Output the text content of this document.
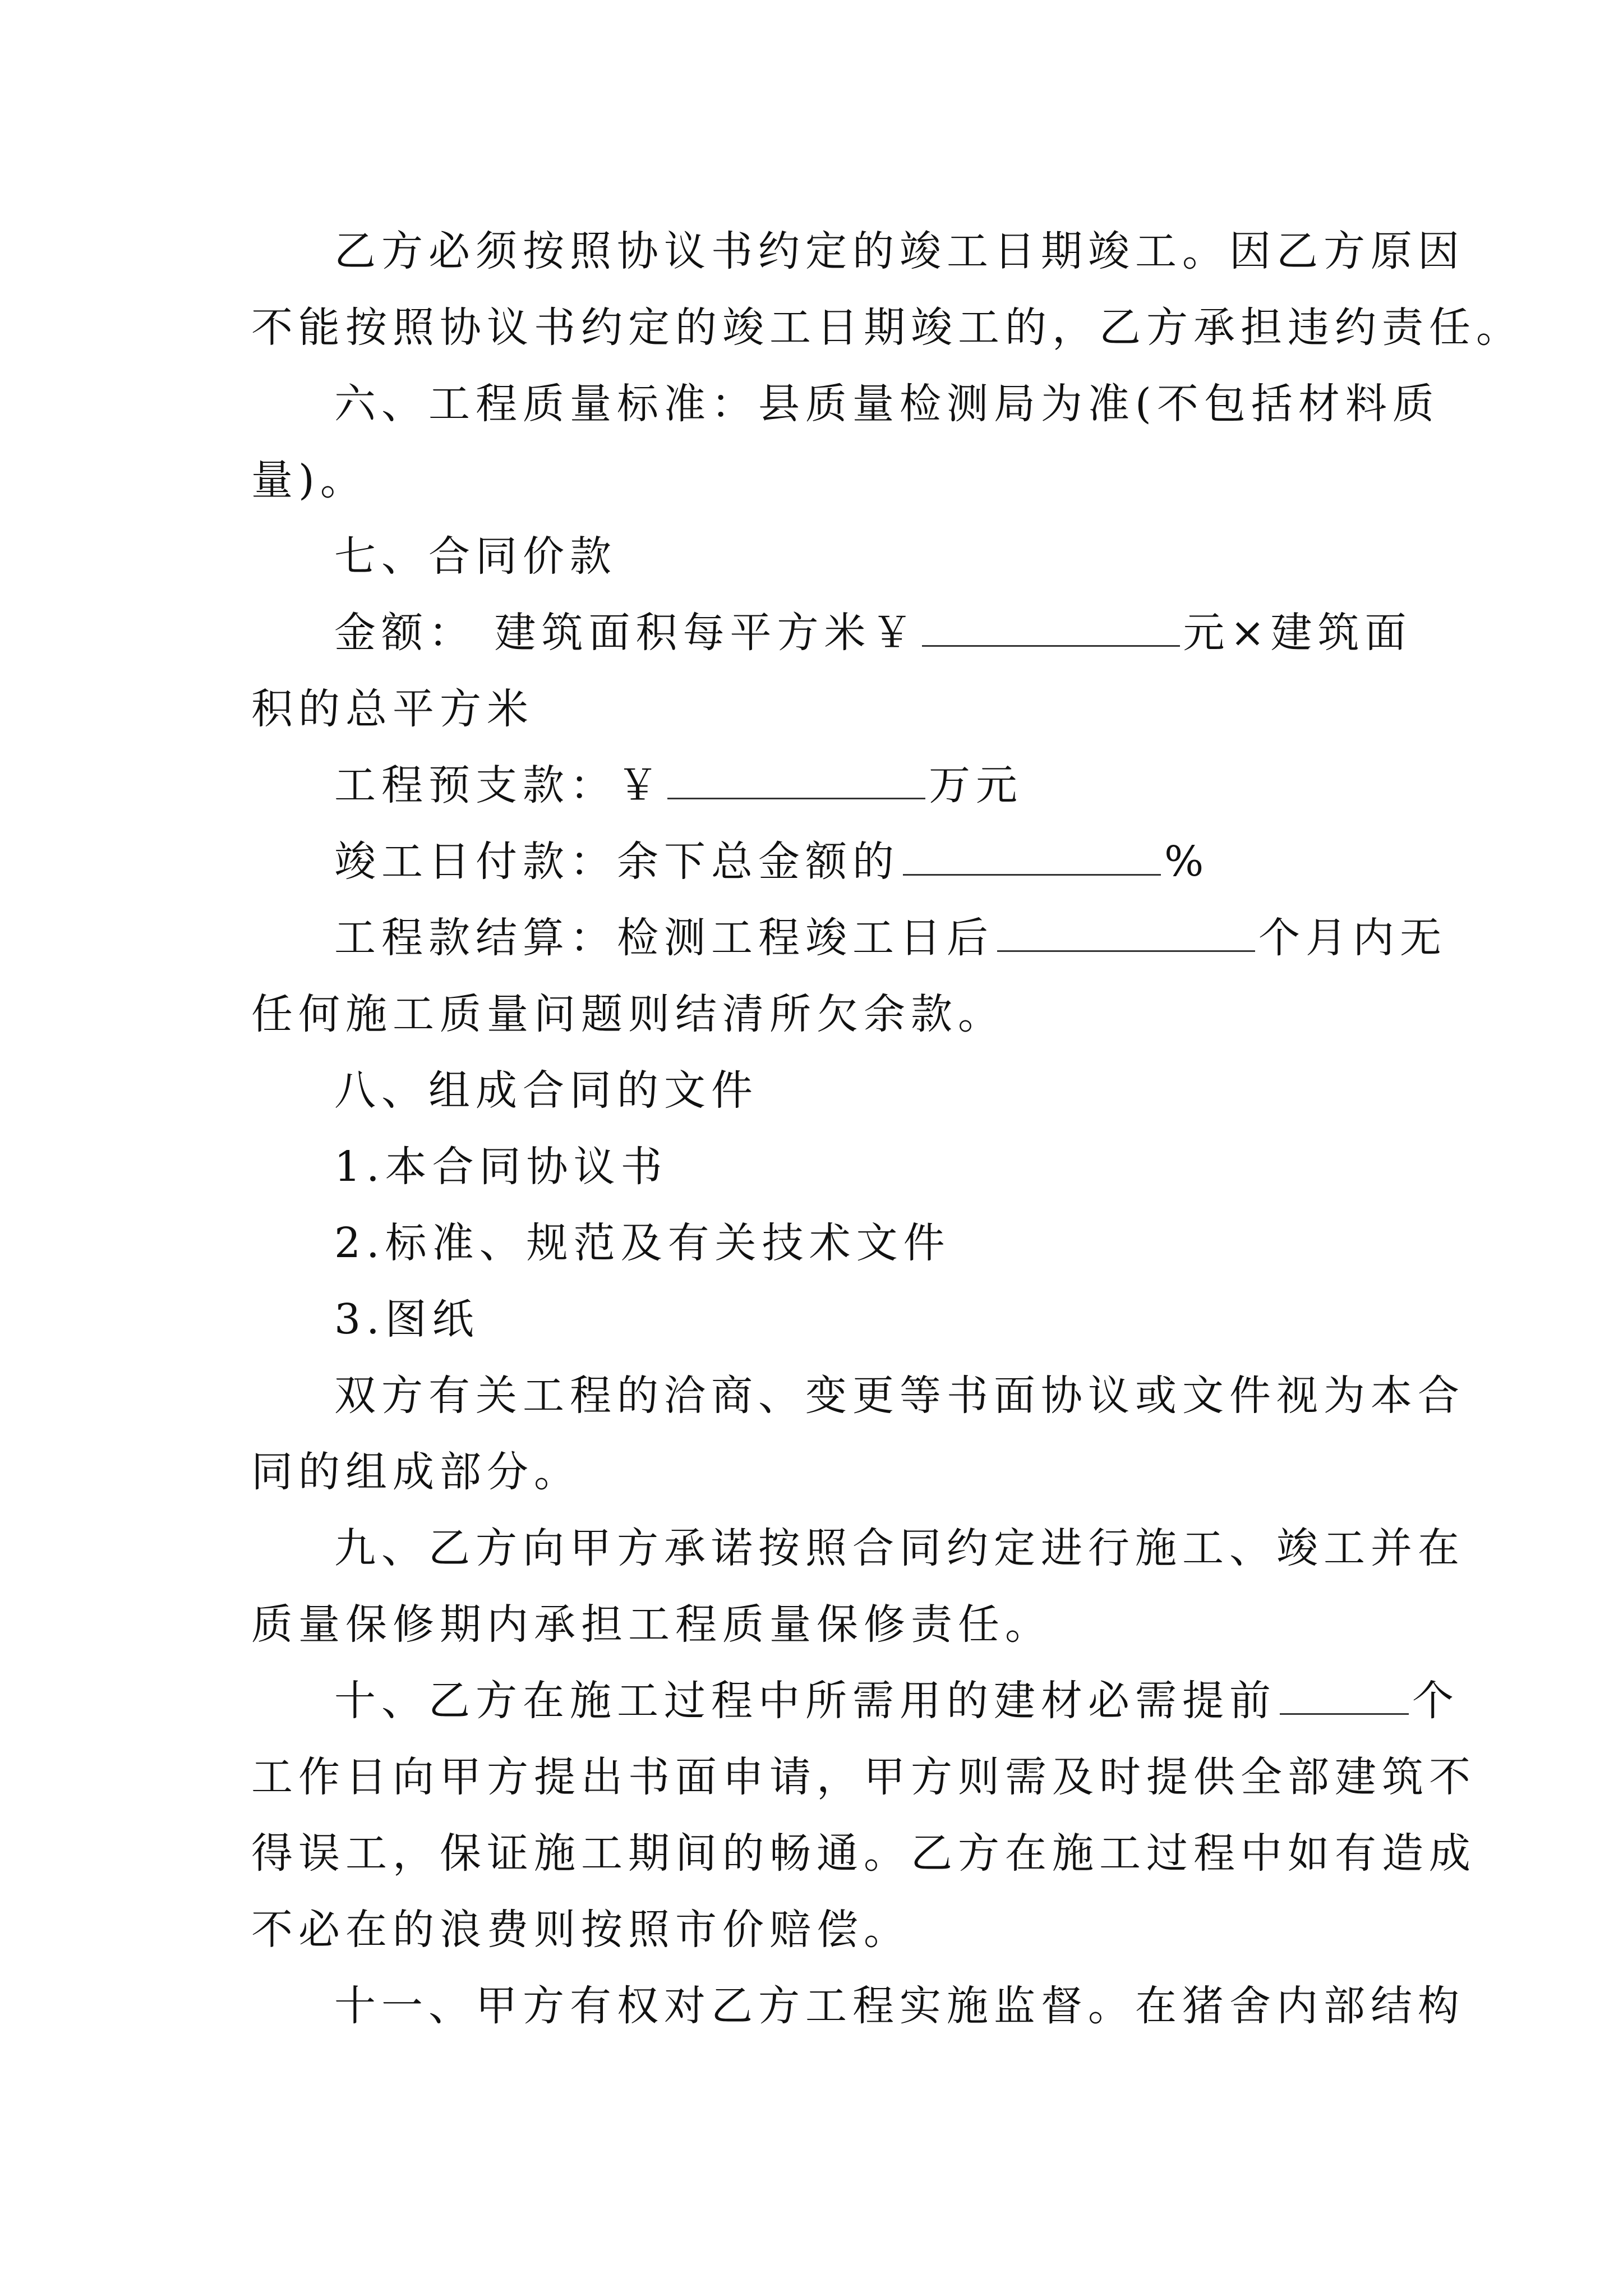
乙方必须按照协议书约定的竣工日期竣工。因乙方原因
不能按照协议书约定的竣工日期竣工的，乙方承担违约责任。
六、工程质量标准：县质量检测局为准(不包括材料质
量)。
七、合同价款
金额： 建筑面积每平方米￥	元×建筑面
积的总平方米
工程预支款：￥	万元
竣工日付款：余下总金额的	%
工程款结算：检测工程竣工日后	个月内无
任何施工质量问题则结清所欠余款。
八、组成合同的文件
1.本合同协议书
2.标准、规范及有关技术文件
3.图纸
双方有关工程的洽商、变更等书面协议或文件视为本合
同的组成部分。
九、乙方向甲方承诺按照合同约定进行施工、竣工并在
质量保修期内承担工程质量保修责任。
十、乙方在施工过程中所需用的建材必需提前	个
工作日向甲方提出书面申请，甲方则需及时提供全部建筑不
得误工，保证施工期间的畅通。乙方在施工过程中如有造成
不必在的浪费则按照市价赔偿。
十一、甲方有权对乙方工程实施监督。在猪舍内部结构
